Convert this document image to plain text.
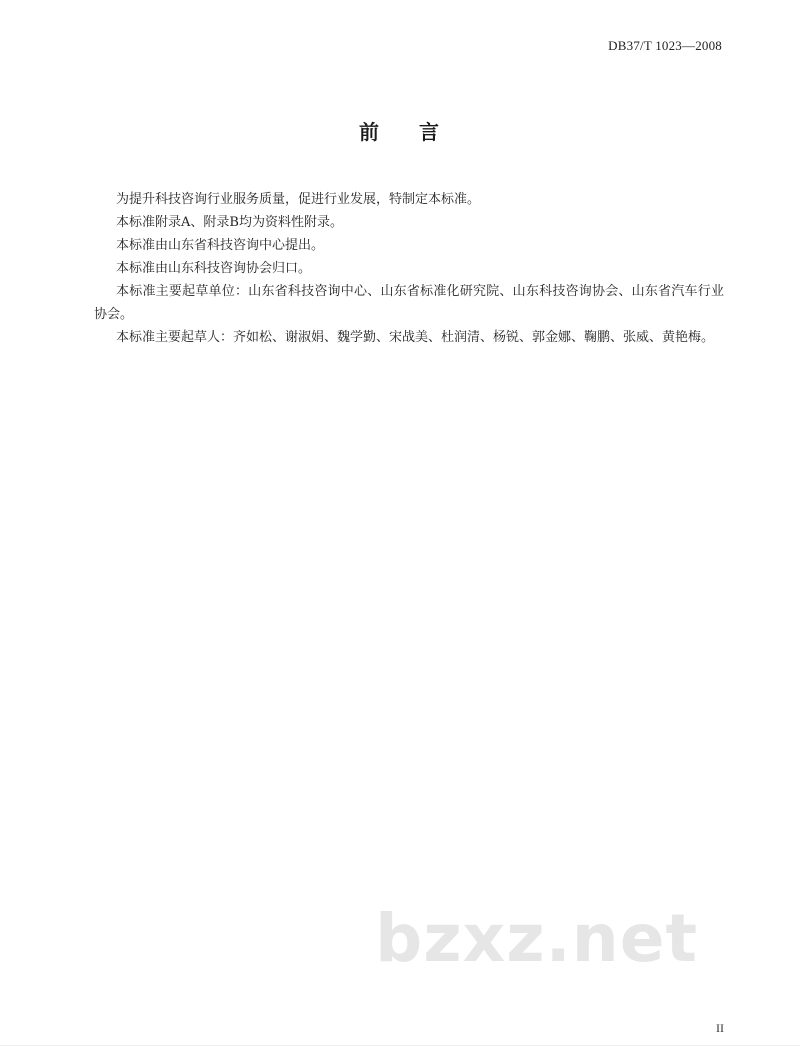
DB37/T 1023—2008
前 言

为提升科技咨询行业服务质量，促进行业发展，特制定本标准。

本标准附录A、附录B均为资料性附录。

本标准由山东省科技咨询中心提出。

本标准由山东科技咨询协会归口。

本标准主要起草单位：山东省科技咨询中心、山东省标准化研究院、山东科技咨询协会、山东省汽车行业协会。

本标准主要起草人：齐如松、谢淑娟、魏学勤、宋战美、杜润清、杨锐、郭金娜、鞠鹏、张威、黄艳梅。

bzxz.net
II
